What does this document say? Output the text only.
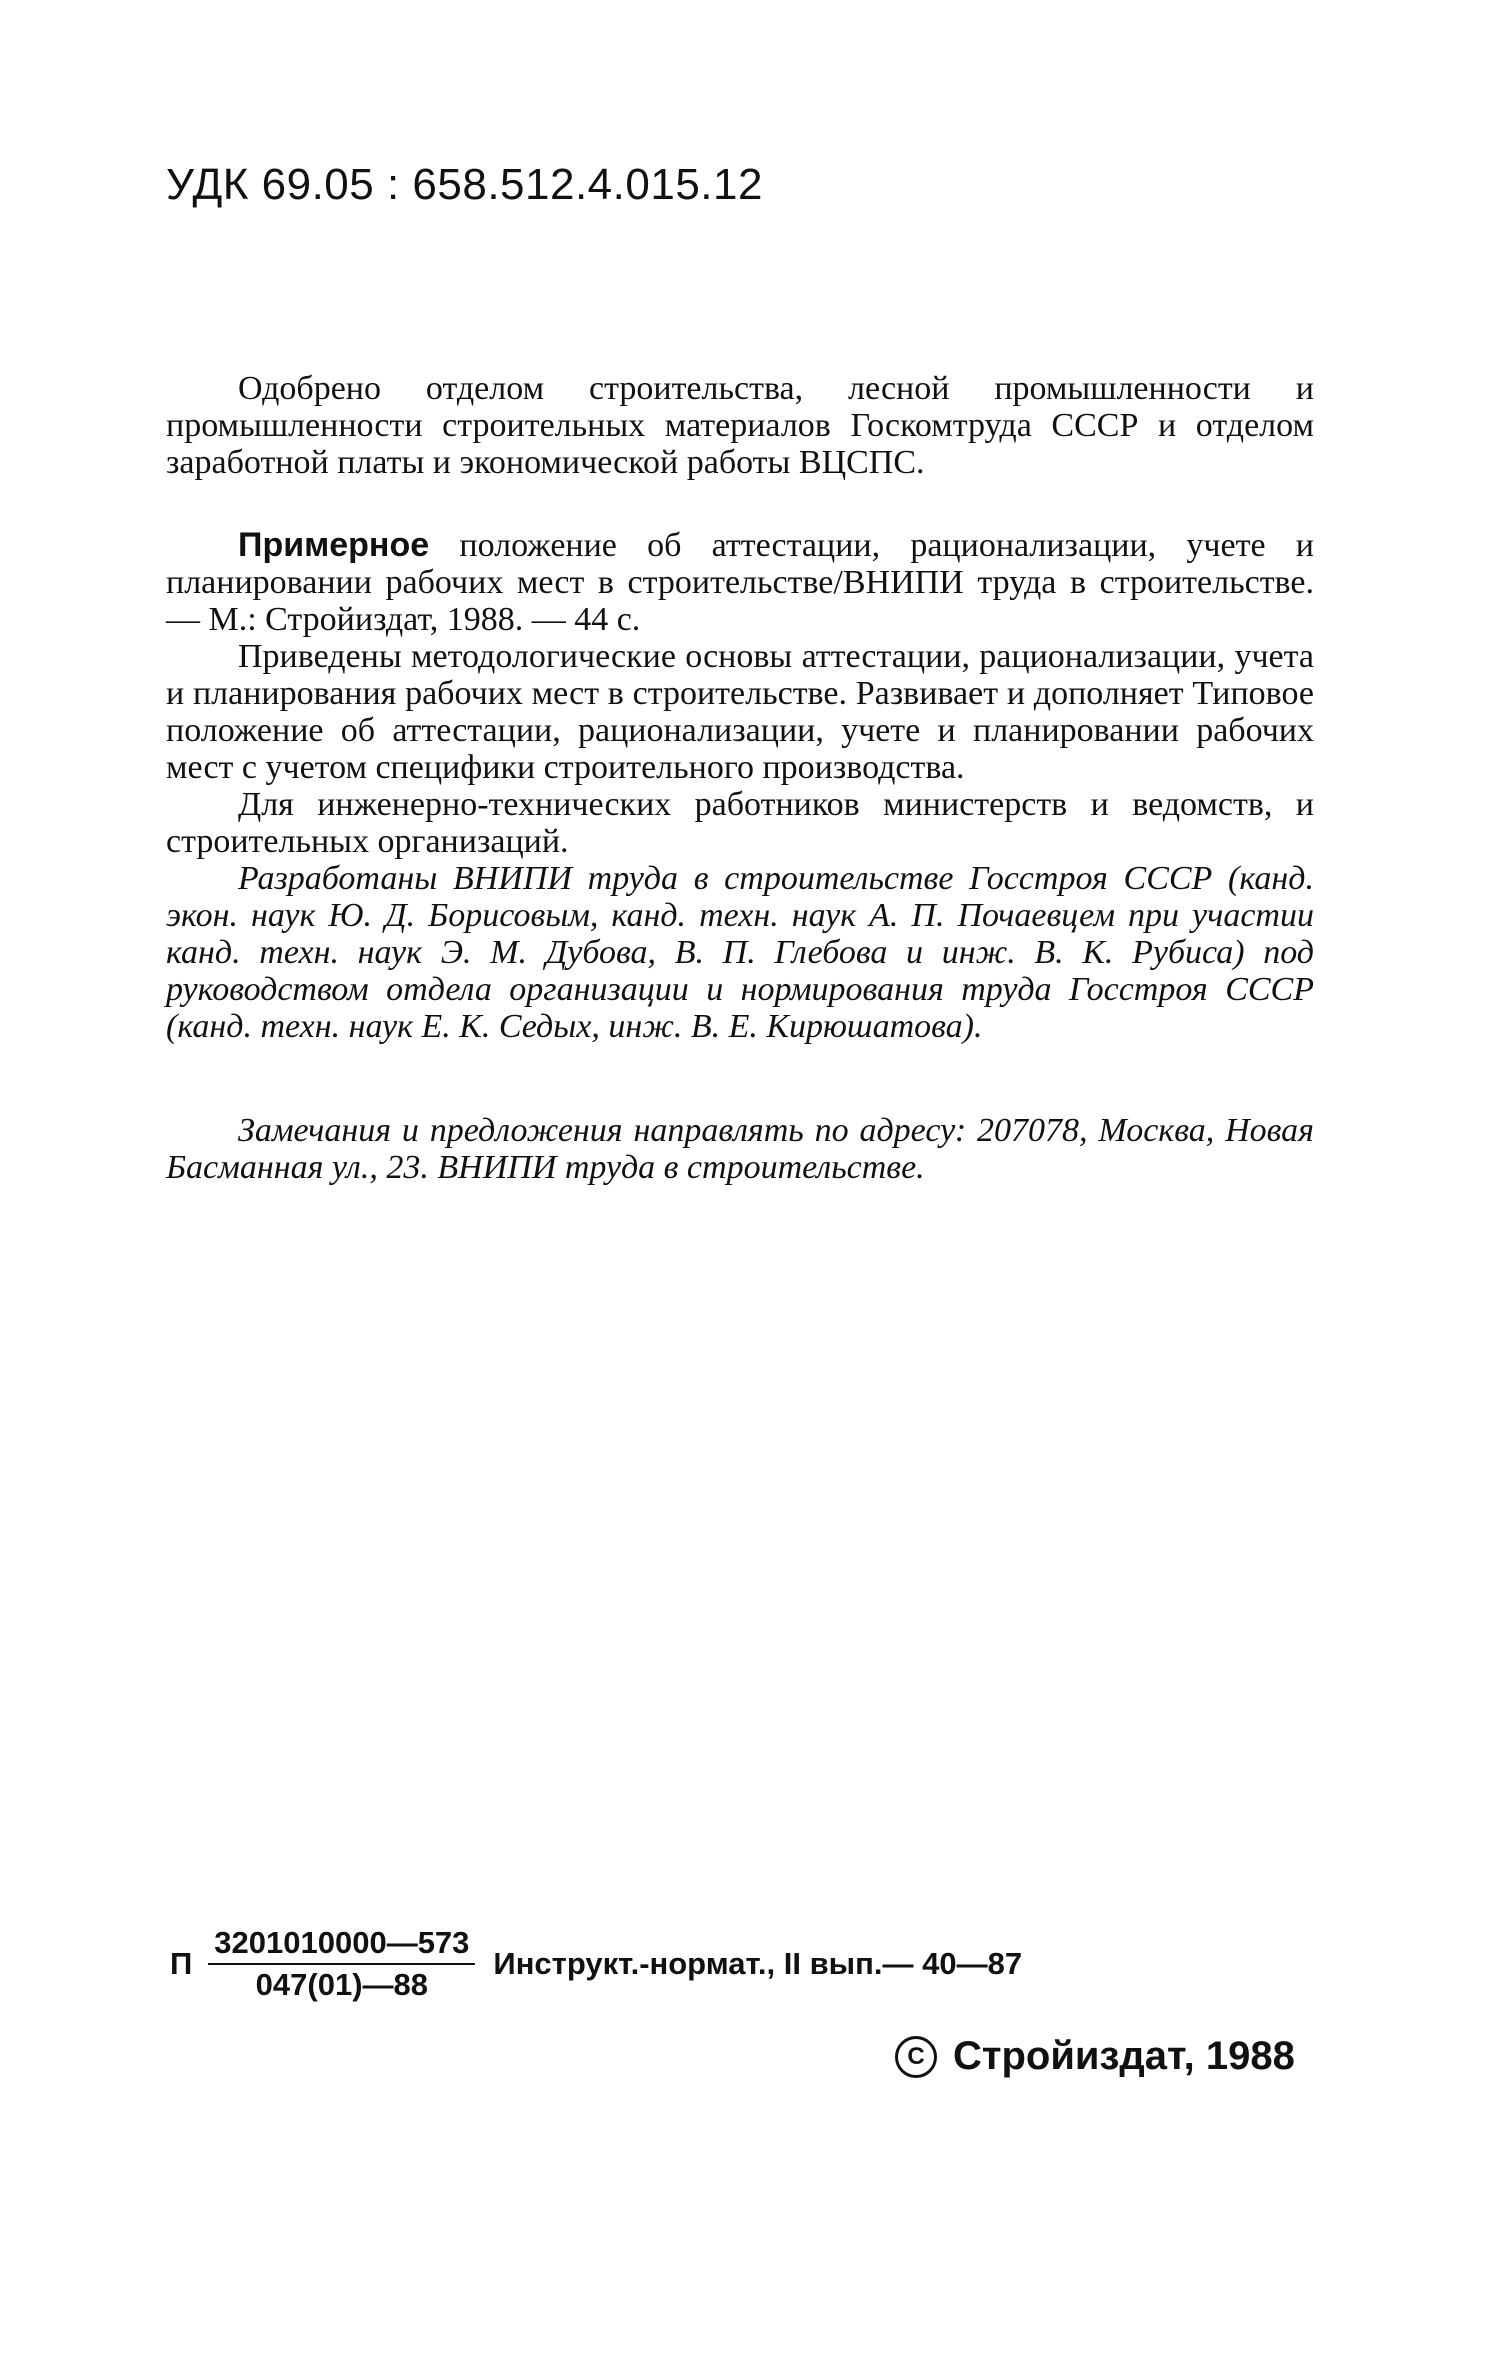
УДК 69.05 : 658.512.4.015.12

Одобрено отделом строительства, лесной промышленности и промышленности строительных материалов Госкомтруда СССР и отделом заработной платы и экономической работы ВЦСПС.

Примерное положение об аттестации, рационализации, учете и планировании рабочих мест в строительстве/ВНИПИ труда в строительстве. — М.: Стройиздат, 1988. — 44 с.

Приведены методологические основы аттестации, рационализации, учета и планирования рабочих мест в строительстве. Развивает и дополняет Типовое положение об аттестации, рационализации, учете и планировании рабочих мест с учетом специфики строительного производства.

Для инженерно-технических работников министерств и ведомств, и строительных организаций.

Разработаны ВНИПИ труда в строительстве Госстроя СССР (канд. экон. наук Ю. Д. Борисовым, канд. техн. наук А. П. Почаевцем при участии канд. техн. наук Э. М. Дубова, В. П. Глебова и инж. В. К. Рубиса) под руководством отдела организации и нормирования труда Госстроя СССР (канд. техн. наук Е. К. Седых, инж. В. Е. Кирюшатова).

Замечания и предложения направлять по адресу: 207078, Москва, Новая Басманная ул., 23. ВНИПИ труда в строительстве.

П $\frac{3201010000—573}{047(01)—88}$ Инструкт.-нормат., II вып.— 40—87
C Стройиздат, 1988
